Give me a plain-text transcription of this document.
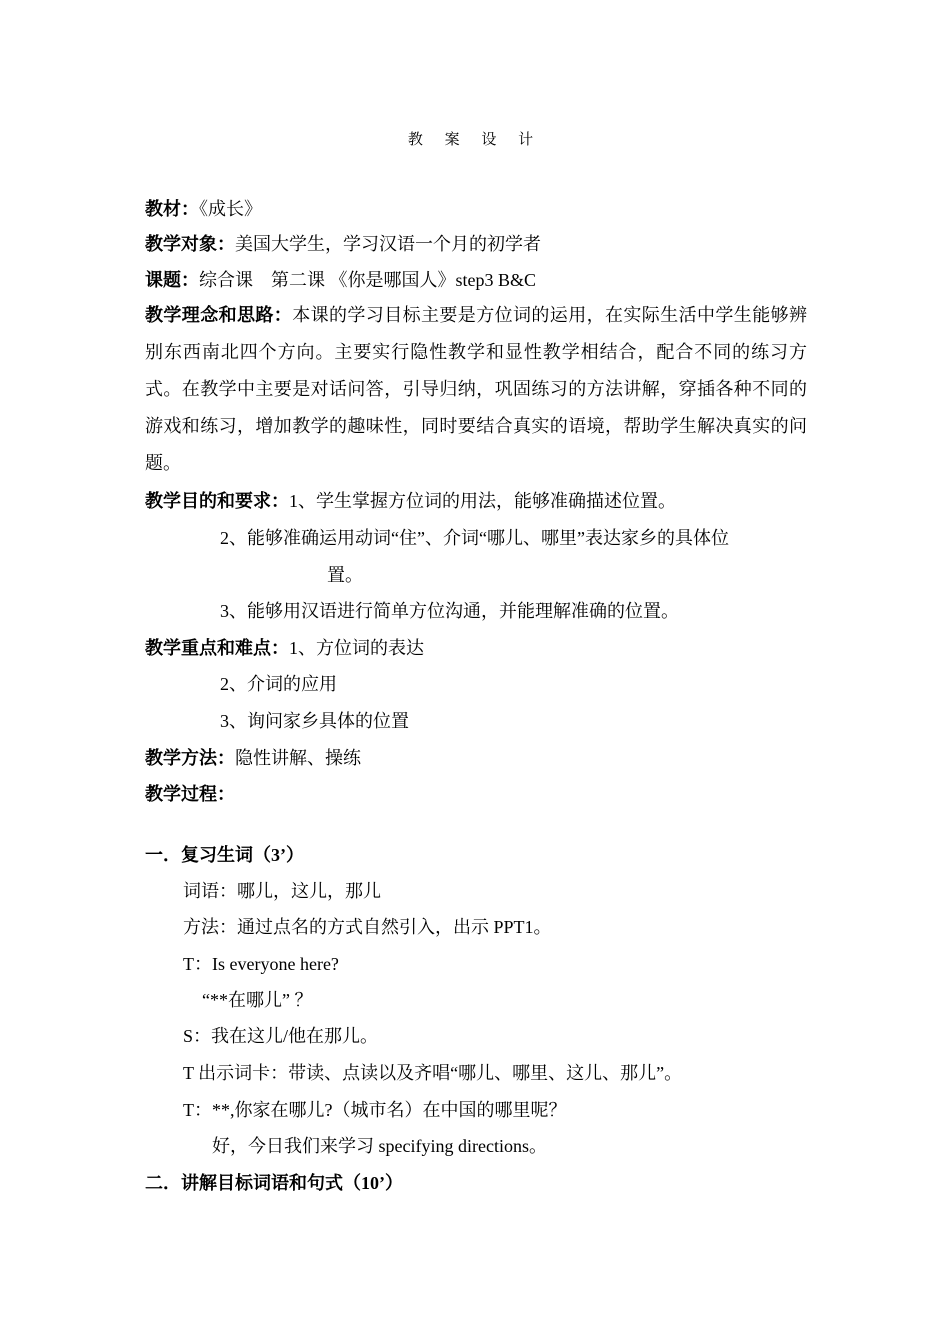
教 案 设 计
教材：《成长》
教学对象：美国大学生，学习汉语一个月的初学者
课题：综合课　第二课 《你是哪国人》step3 B&C
教学理念和思路：本课的学习目标主要是方位词的运用，在实际生活中学生能够辨别东西南北四个方向。主要实行隐性教学和显性教学相结合，配合不同的练习方式。在教学中主要是对话问答，引导归纳，巩固练习的方法讲解，穿插各种不同的游戏和练习，增加教学的趣味性，同时要结合真实的语境，帮助学生解决真实的问题。
教学目的和要求：1、学生掌握方位词的用法，能够准确描述位置。
2、能够准确运用动词“住”、介词“哪儿、哪里”表达家乡的具体位
置。
3、能够用汉语进行简单方位沟通，并能理解准确的位置。
教学重点和难点：1、方位词的表达
2、介词的应用
3、询问家乡具体的位置
教学方法：隐性讲解、操练
教学过程：
一．复习生词（3’）
词语：哪儿，这儿，那儿
方法：通过点名的方式自然引入，出示 PPT1。
T：Is everyone here?
“**在哪儿” ？
S：我在这儿/他在那儿。
T 出示词卡：带读、点读以及齐唱“哪儿、哪里、这儿、那儿”。
T：**,你家在哪儿?（城市名）在中国的哪里呢？
好，今日我们来学习 specifying directions。
二．讲解目标词语和句式（10’）
